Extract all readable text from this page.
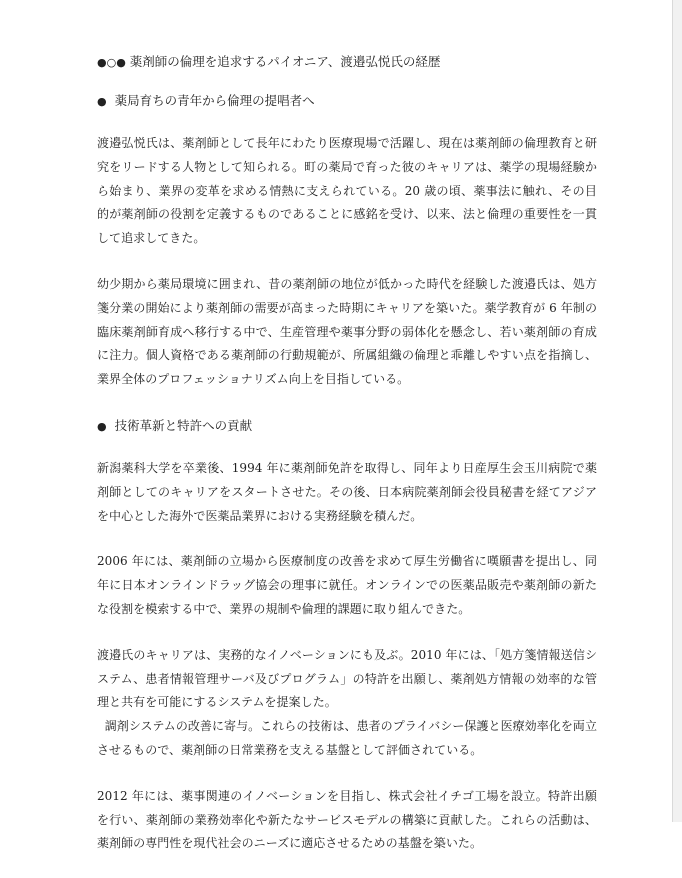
●○● 薬剤師の倫理を追求するパイオニア、渡邉弘悦氏の経歴
● 薬局育ちの青年から倫理の提唱者へ

渡邉弘悦氏は、薬剤師として長年にわたり医療現場で活躍し、現在は薬剤師の倫理教育と研究をリードする人物として知られる。町の薬局で育った彼のキャリアは、薬学の現場経験から始まり、業界の変革を求める情熱に支えられている。20 歳の頃、薬事法に触れ、その目的が薬剤師の役割を定義するものであることに感銘を受け、以来、法と倫理の重要性を一貫して追求してきた。

幼少期から薬局環境に囲まれ、昔の薬剤師の地位が低かった時代を経験した渡邉氏は、処方箋分業の開始により薬剤師の需要が高まった時期にキャリアを築いた。薬学教育が 6 年制の臨床薬剤師育成へ移行する中で、生産管理や薬事分野の弱体化を懸念し、若い薬剤師の育成に注力。個人資格である薬剤師の行動規範が、所属組織の倫理と乖離しやすい点を指摘し、業界全体のプロフェッショナリズム向上を目指している。

● 技術革新と特許への貢献

新潟薬科大学を卒業後、1994 年に薬剤師免許を取得し、同年より日産厚生会玉川病院で薬剤師としてのキャリアをスタートさせた。その後、日本病院薬剤師会役員秘書を経てアジアを中心とした海外で医薬品業界における実務経験を積んだ。

2006 年には、薬剤師の立場から医療制度の改善を求めて厚生労働省に嘆願書を提出し、同年に日本オンラインドラッグ協会の理事に就任。オンラインでの医薬品販売や薬剤師の新たな役割を模索する中で、業界の規制や倫理的課題に取り組んできた。

渡邉氏のキャリアは、実務的なイノベーションにも及ぶ。2010 年には、「処方箋情報送信システム、患者情報管理サーバ及びプログラム」の特許を出願し、薬剤処方情報の効率的な管理と共有を可能にするシステムを提案した。

調剤システムの改善に寄与。これらの技術は、患者のプライバシー保護と医療効率化を両立させるもので、薬剤師の日常業務を支える基盤として評価されている。

2012 年には、薬事関連のイノベーションを目指し、株式会社イチゴ工場を設立。特許出願を行い、薬剤師の業務効率化や新たなサービスモデルの構築に貢献した。これらの活動は、薬剤師の専門性を現代社会のニーズに適応させるための基盤を築いた。
